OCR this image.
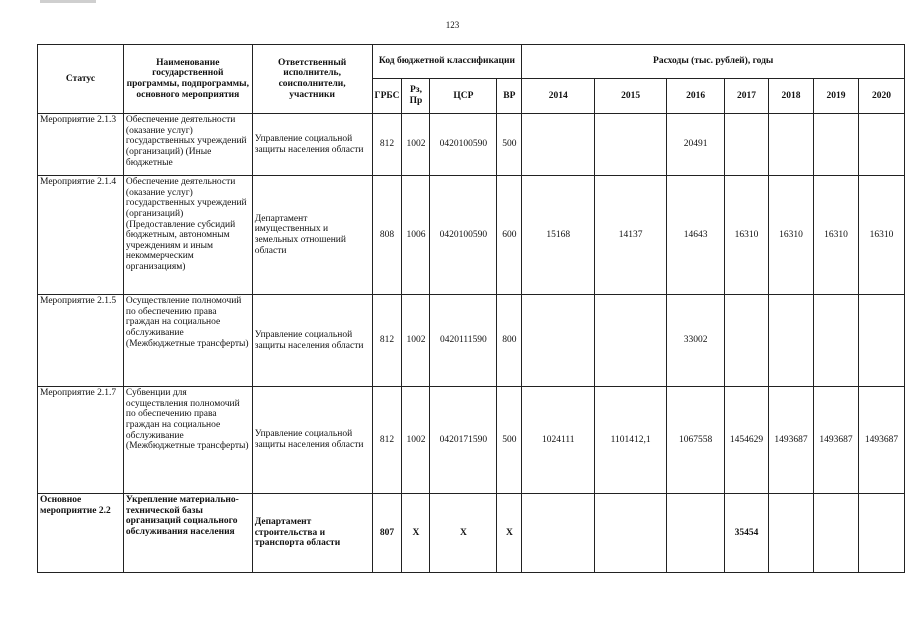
123
Статус	Наименование государственной программы, подпрограммы, основного мероприятия	Ответственный исполнитель, соисполнители, участники	Код бюджетной классификации				Расходы (тыс. рублей), годы						
			ГРБС	Рз, Пр	ЦСР	ВР	2014	2015	2016	2017	2018	2019	2020
Мероприятие 2.1.3	Обеспечение деятельности (оказание услуг) государственных учреждений (организаций) (Иные бюджетные	Управление социальной защиты населения области	812	1002	0420100590	500			20491				
Мероприятие 2.1.4	Обеспечение деятельности (оказание услуг) государственных учреждений (организаций) (Предоставление субсидий бюджетным, автономным учреждениям и иным некоммерческим организациям)	Департамент имущественных и земельных отношений области	808	1006	0420100590	600	15168	14137	14643	16310	16310	16310	16310
Мероприятие 2.1.5	Осуществление полномочий по обеспечению права граждан на социальное обслуживание (Межбюджетные трансферты)	Управление социальной защиты населения области	812	1002	0420111590	800			33002				
Мероприятие 2.1.7	Субвенции для осуществления полномочий по обеспечению права граждан на социальное обслуживание (Межбюджетные трансферты)	Управление социальной защиты населения области	812	1002	0420171590	500	1024111	1101412,1	1067558	1454629	1493687	1493687	1493687
Основное мероприятие 2.2	Укрепление материально-технической базы организаций социального обслуживания населения	Департамент строительства и транспорта области	807	Х	Х	Х				35454			
